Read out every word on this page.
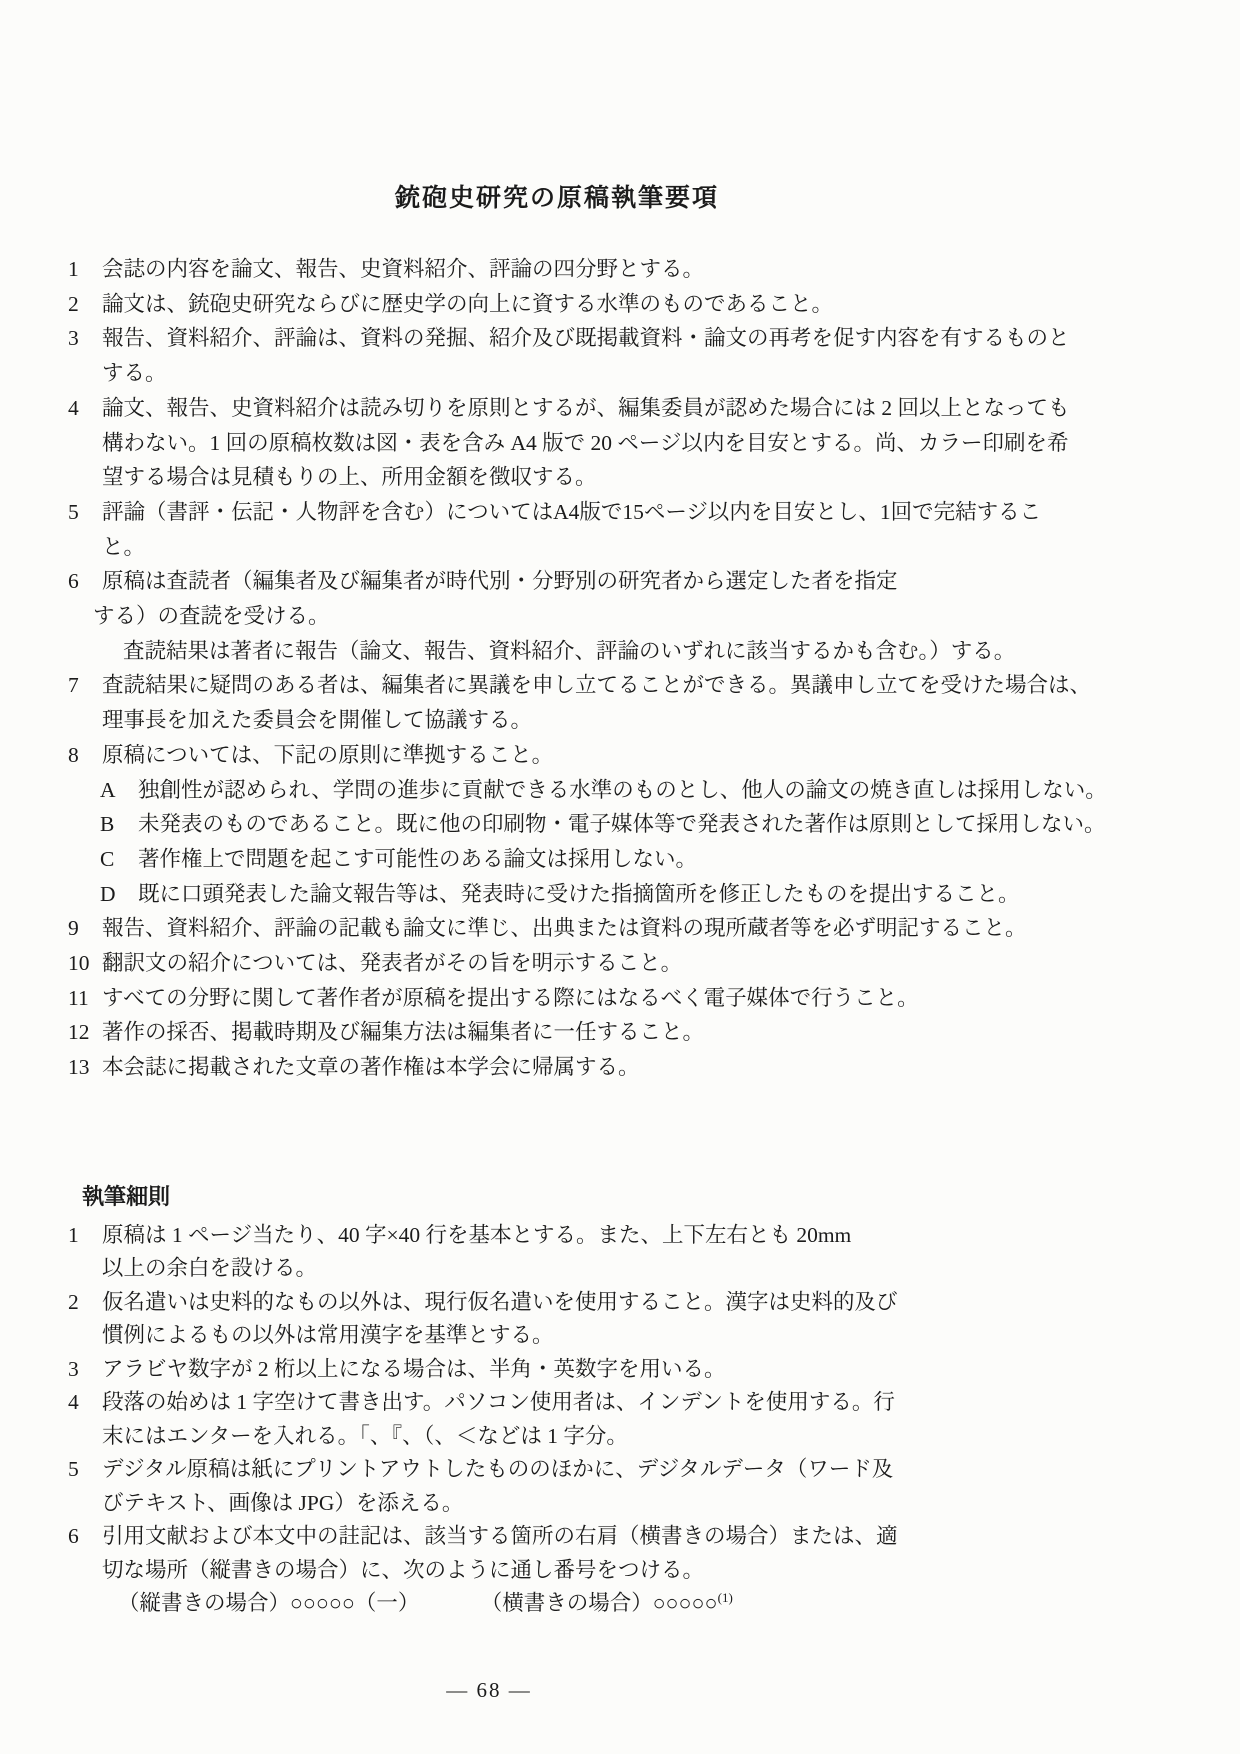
銃砲史研究の原稿執筆要項
1	会誌の内容を論文、報告、史資料紹介、評論の四分野とする。
2	論文は、銃砲史研究ならびに歴史学の向上に資する水準のものであること。
3	報告、資料紹介、評論は、資料の発掘、紹介及び既掲載資料・論文の再考を促す内容を有するものと
する。
4	論文、報告、史資料紹介は読み切りを原則とするが、編集委員が認めた場合には 2 回以上となっても
構わない。1 回の原稿枚数は図・表を含み A4 版で 20 ページ以内を目安とする。尚、カラー印刷を希
望する場合は見積もりの上、所用金額を徴収する。
5	評論（書評・伝記・人物評を含む）についてはA4版で15ページ以内を目安とし、1回で完結するこ
と。
6	原稿は査読者（編集者及び編集者が時代別・分野別の研究者から選定した者を指定
する）の査読を受ける。
査読結果は著者に報告（論文、報告、資料紹介、評論のいずれに該当するかも含む。）する。
7	査読結果に疑問のある者は、編集者に異議を申し立てることができる。異議申し立てを受けた場合は、
理事長を加えた委員会を開催して協議する。
8	原稿については、下記の原則に準拠すること。
A	独創性が認められ、学問の進歩に貢献できる水準のものとし、他人の論文の焼き直しは採用しない。
B	未発表のものであること。既に他の印刷物・電子媒体等で発表された著作は原則として採用しない。
C	著作権上で問題を起こす可能性のある論文は採用しない。
D	既に口頭発表した論文報告等は、発表時に受けた指摘箇所を修正したものを提出すること。
9	報告、資料紹介、評論の記載も論文に準じ、出典または資料の現所蔵者等を必ず明記すること。
10 翻訳文の紹介については、発表者がその旨を明示すること。
11 すべての分野に関して著作者が原稿を提出する際にはなるべく電子媒体で行うこと。
12 著作の採否、掲載時期及び編集方法は編集者に一任すること。
13 本会誌に掲載された文章の著作権は本学会に帰属する。
執筆細則
1	原稿は 1 ページ当たり、40 字×40 行を基本とする。また、上下左右とも 20mm
以上の余白を設ける。
2	仮名遣いは史料的なもの以外は、現行仮名遣いを使用すること。漢字は史料的及び
慣例によるもの以外は常用漢字を基準とする。
3	アラビヤ数字が 2 桁以上になる場合は、半角・英数字を用いる。
4	段落の始めは 1 字空けて書き出す。パソコン使用者は、インデントを使用する。行
末にはエンターを入れる。「、『、（、＜などは 1 字分。
5	デジタル原稿は紙にプリントアウトしたもののほかに、デジタルデータ（ワード及
びテキスト、画像は JPG）を添える。
6	引用文献および本文中の註記は、該当する箇所の右肩（横書きの場合）または、適
切な場所（縦書きの場合）に、次のように通し番号をつける。
（縦書きの場合）○○○○○（一）	（横書きの場合）○○○○○$^{(1)}$
— 68 —
